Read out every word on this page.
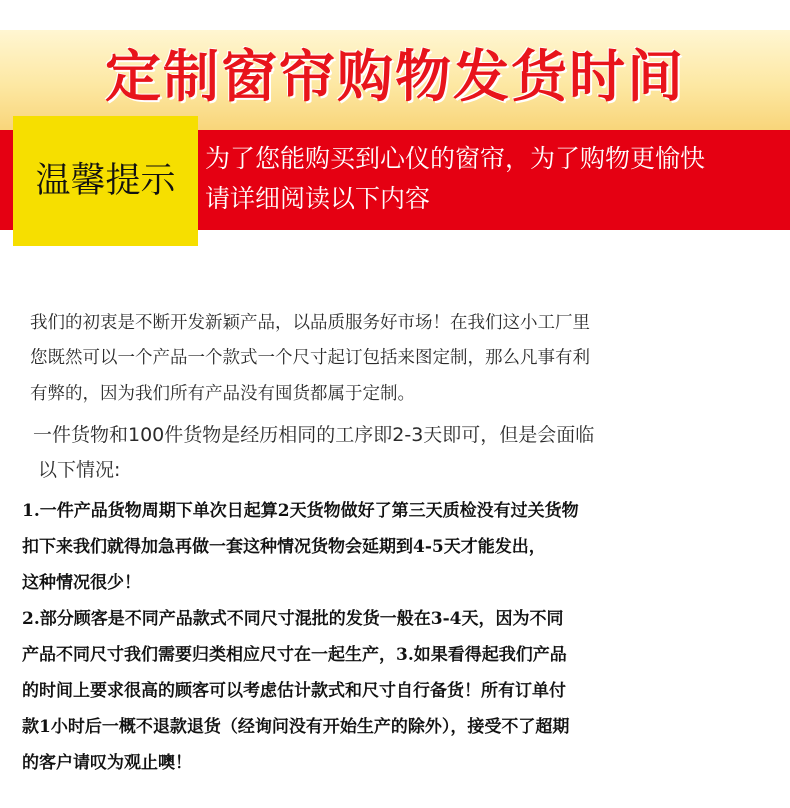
定制窗帘购物发货时间
温馨提示
为了您能购买到心仪的窗帘，为了购物更愉快
请详细阅读以下内容
我们的初衷是不断开发新颖产品，以品质服务好市场！在我们这小工厂里
您既然可以一个产品一个款式一个尺寸起订包括来图定制，那么凡事有利
有弊的，因为我们所有产品没有囤货都属于定制。
一件货物和100件货物是经历相同的工序即2-3天即可，但是会面临
以下情况:
1.一件产品货物周期下单次日起算2天货物做好了第三天质检没有过关货物
扣下来我们就得加急再做一套这种情况货物会延期到4-5天才能发出，
这种情况很少！
2.部分顾客是不同产品款式不同尺寸混批的发货一般在3-4天，因为不同
产品不同尺寸我们需要归类相应尺寸在一起生产，3.如果看得起我们产品
的时间上要求很高的顾客可以考虑估计款式和尺寸自行备货！所有订单付
款1小时后一概不退款退货（经询问没有开始生产的除外），接受不了超期
的客户请叹为观止噢！
